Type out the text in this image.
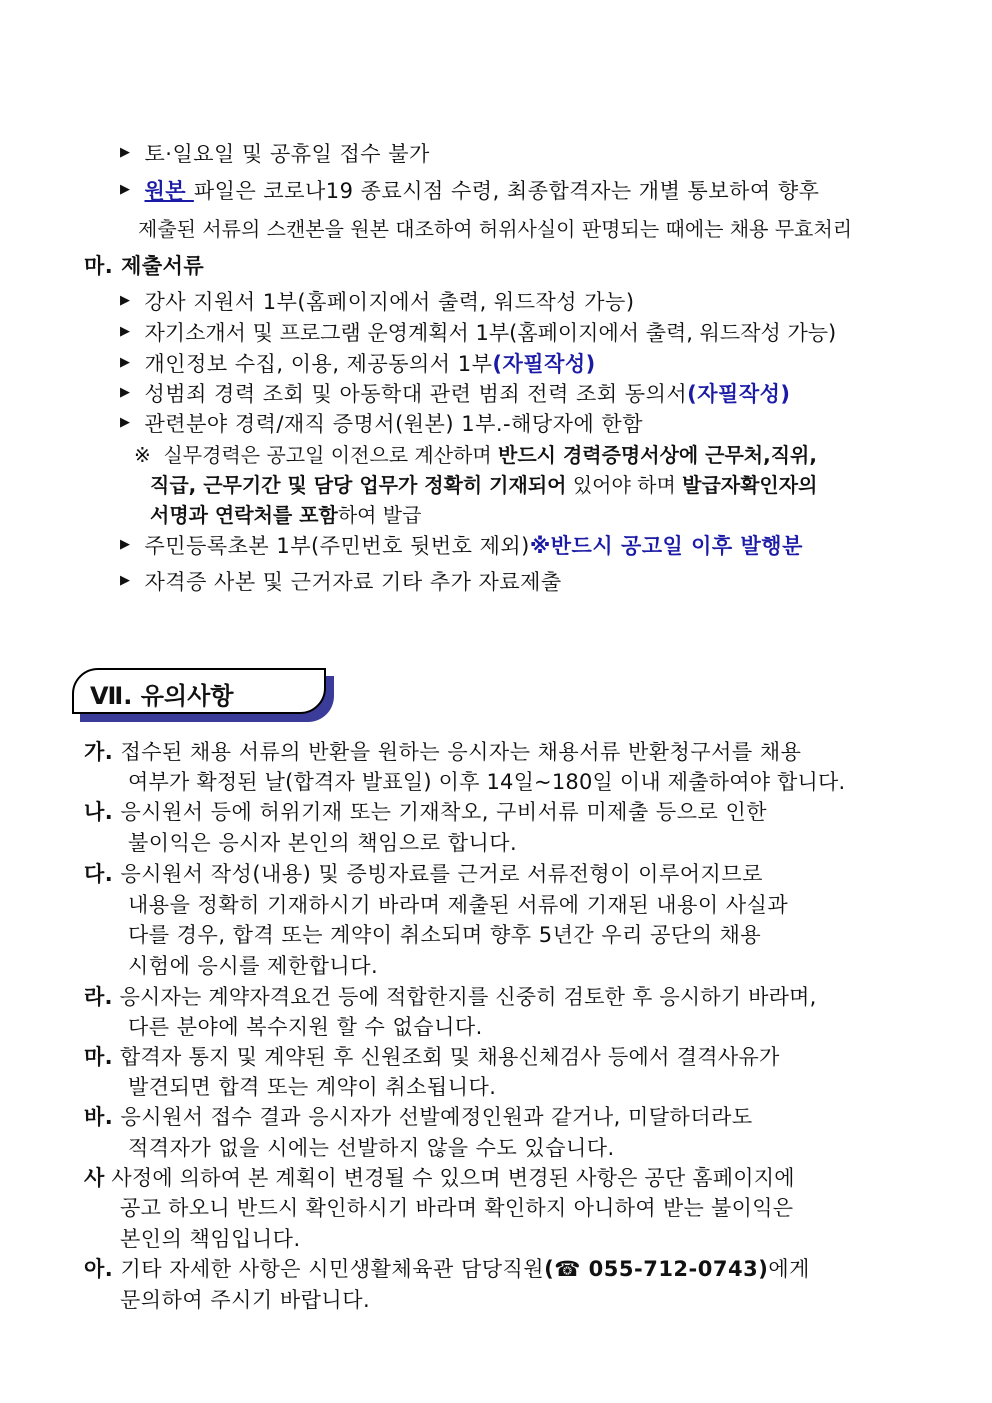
▶ 토·일요일 및 공휴일 접수 불가
▶ 원본 파일은 코로나19 종료시점 수령, 최종합격자는 개별 통보하여 향후
제출된 서류의 스캔본을 원본 대조하여 허위사실이 판명되는 때에는 채용 무효처리
마. 제출서류
▶ 강사 지원서 1부(홈페이지에서 출력, 워드작성 가능)
▶ 자기소개서 및 프로그램 운영계획서 1부(홈페이지에서 출력, 워드작성 가능)
▶ 개인정보 수집, 이용, 제공동의서 1부(자필작성)
▶ 성범죄 경력 조회 및 아동학대 관련 범죄 전력 조회 동의서(자필작성)
▶ 관련분야 경력/재직 증명서(원본) 1부.-해당자에 한함
※ 실무경력은 공고일 이전으로 계산하며 반드시 경력증명서상에 근무처,직위,
직급, 근무기간 및 담당 업무가 정확히 기재되어 있어야 하며 발급자확인자의
서명과 연락처를 포함하여 발급
▶ 주민등록초본 1부(주민번호 뒷번호 제외)※반드시 공고일 이후 발행분
▶ 자격증 사본 및 근거자료 기타 추가 자료제출
Ⅶ. 유의사항
가. 접수된 채용 서류의 반환을 원하는 응시자는 채용서류 반환청구서를 채용
여부가 확정된 날(합격자 발표일) 이후 14일~180일 이내 제출하여야 합니다.
나. 응시원서 등에 허위기재 또는 기재착오, 구비서류 미제출 등으로 인한
불이익은 응시자 본인의 책임으로 합니다.
다. 응시원서 작성(내용) 및 증빙자료를 근거로 서류전형이 이루어지므로
내용을 정확히 기재하시기 바라며 제출된 서류에 기재된 내용이 사실과
다를 경우, 합격 또는 계약이 취소되며 향후 5년간 우리 공단의 채용
시험에 응시를 제한합니다.
라. 응시자는 계약자격요건 등에 적합한지를 신중히 검토한 후 응시하기 바라며,
다른 분야에 복수지원 할 수 없습니다.
마. 합격자 통지 및 계약된 후 신원조회 및 채용신체검사 등에서 결격사유가
발견되면 합격 또는 계약이 취소됩니다.
바. 응시원서 접수 결과 응시자가 선발예정인원과 같거나, 미달하더라도
적격자가 없을 시에는 선발하지 않을 수도 있습니다.
사 사정에 의하여 본 계획이 변경될 수 있으며 변경된 사항은 공단 홈페이지에
공고 하오니 반드시 확인하시기 바라며 확인하지 아니하여 받는 불이익은
본인의 책임입니다.
아. 기타 자세한 사항은 시민생활체육관 담당직원(☎ 055-712-0743)에게
문의하여 주시기 바랍니다.
